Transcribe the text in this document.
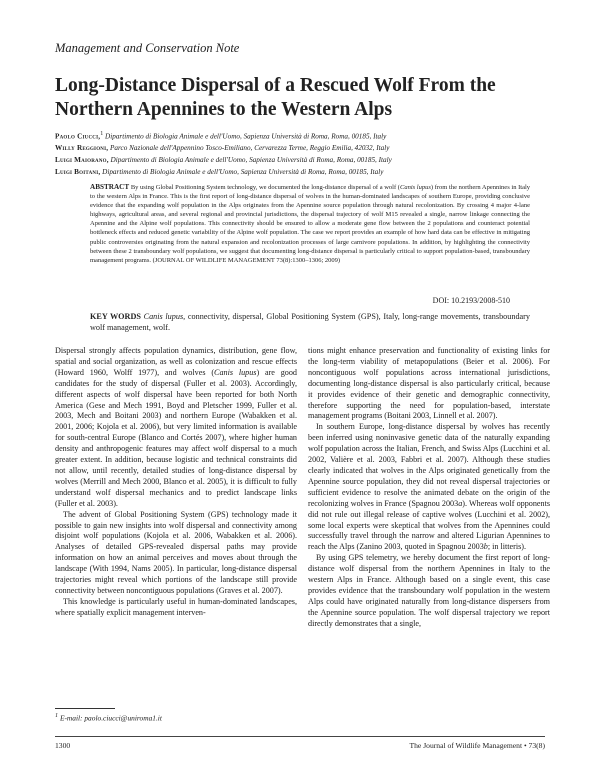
Management and Conservation Note
Long-Distance Dispersal of a Rescued Wolf From the
Northern Apennines to the Western Alps
Paolo Ciucci,$^1$ Dipartimento di Biologia Animale e dell'Uomo, Sapienza Università di Roma, Roma, 00185, Italy
Willy Reggioni, Parco Nazionale dell'Appennino Tosco-Emiliano, Cervarezza Terme, Reggio Emilia, 42032, Italy
Luigi Maiorano, Dipartimento di Biologia Animale e dell'Uomo, Sapienza Università di Roma, Roma, 00185, Italy
Luigi Boitani, Dipartimento di Biologia Animale e dell'Uomo, Sapienza Università di Roma, Roma, 00185, Italy
ABSTRACT By using Global Positioning System technology, we documented the long-distance dispersal of a wolf (Canis lupus) from the northern Apennines in Italy to the western Alps in France. This is the first report of long-distance dispersal of wolves in the human-dominated landscapes of southern Europe, providing conclusive evidence that the expanding wolf population in the Alps originates from the Apennine source population through natural recolonization. By crossing 4 major 4-lane highways, agricultural areas, and several regional and provincial jurisdictions, the dispersal trajectory of wolf M15 revealed a single, narrow linkage connecting the Apennine and the Alpine wolf populations. This connectivity should be ensured to allow a moderate gene flow between the 2 populations and counteract potential bottleneck effects and reduced genetic variability of the Alpine wolf population. The case we report provides an example of how hard data can be effective in mitigating public controversies originating from the natural expansion and recolonization processes of large carnivore populations. In addition, by highlighting the connectivity between these 2 transboundary wolf populations, we suggest that documenting long-distance dispersal is particularly critical to support population-based, transboundary management programs. (JOURNAL OF WILDLIFE MANAGEMENT 73(8):1300–1306; 2009)
DOI: 10.2193/2008-510
KEY WORDS Canis lupus, connectivity, dispersal, Global Positioning System (GPS), Italy, long-range movements, transboundary wolf management, wolf.

Dispersal strongly affects population dynamics, distribution, gene flow, spatial and social organization, as well as colonization and rescue effects (Howard 1960, Wolff 1977), and wolves (Canis lupus) are good candidates for the study of dispersal (Fuller et al. 2003). Accordingly, different aspects of wolf dispersal have been reported for both North America (Gese and Mech 1991, Boyd and Pletscher 1999, Fuller et al. 2003, Mech and Boitani 2003) and northern Europe (Wabakken et al. 2001, 2006; Kojola et al. 2006), but very limited information is available for south-central Europe (Blanco and Cortés 2007), where higher human density and anthropogenic features may affect wolf dispersal to a much greater extent. In addition, because logistic and technical constraints did not allow, until recently, detailed studies of long-distance dispersal by wolves (Merrill and Mech 2000, Blanco et al. 2005), it is difficult to fully understand wolf dispersal mechanics and to predict landscape links (Fuller et al. 2003).

The advent of Global Positioning System (GPS) technology made it possible to gain new insights into wolf dispersal and connectivity among disjoint wolf populations (Kojola et al. 2006, Wabakken et al. 2006). Analyses of detailed GPS-revealed dispersal paths may provide information on how an animal perceives and moves about through the landscape (With 1994, Nams 2005). In particular, long-distance dispersal trajectories might reveal which portions of the landscape still provide connectivity between noncontiguous populations (Graves et al. 2007).

This knowledge is particularly useful in human-dominated landscapes, where spatially explicit management interven-

tions might enhance preservation and functionality of existing links for the long-term viability of metapopulations (Beier et al. 2006). For noncontiguous wolf populations across international jurisdictions, documenting long-distance dispersal is also particularly critical, because it provides evidence of their genetic and demographic connectivity, therefore supporting the need for population-based, interstate management programs (Boitani 2003, Linnell et al. 2007).

In southern Europe, long-distance dispersal by wolves has recently been inferred using noninvasive genetic data of the naturally expanding wolf population across the Italian, French, and Swiss Alps (Lucchini et al. 2002, Valière et al. 2003, Fabbri et al. 2007). Although these studies clearly indicated that wolves in the Alps originated genetically from the Apennine source population, they did not reveal dispersal trajectories or sufficient evidence to resolve the animated debate on the origin of the recolonizing wolves in France (Spagnou 2003a). Whereas wolf opponents did not rule out illegal release of captive wolves (Lucchini et al. 2002), some local experts were skeptical that wolves from the Apennines could successfully travel through the narrow and altered Ligurian Apennines to reach the Alps (Zanino 2003, quoted in Spagnou 2003b; in litteris).

By using GPS telemetry, we hereby document the first report of long-distance wolf dispersal from the northern Apennines in Italy to the western Alps in France. Although based on a single event, this case provides evidence that the transboundary wolf population in the western Alps could have originated naturally from long-distance dispersers from the Apennine source population. The wolf dispersal trajectory we report directly demonstrates that a single,

$^1$ E-mail: paolo.ciucci@uniroma1.it
1300	The Journal of Wildlife Management • 73(8)
